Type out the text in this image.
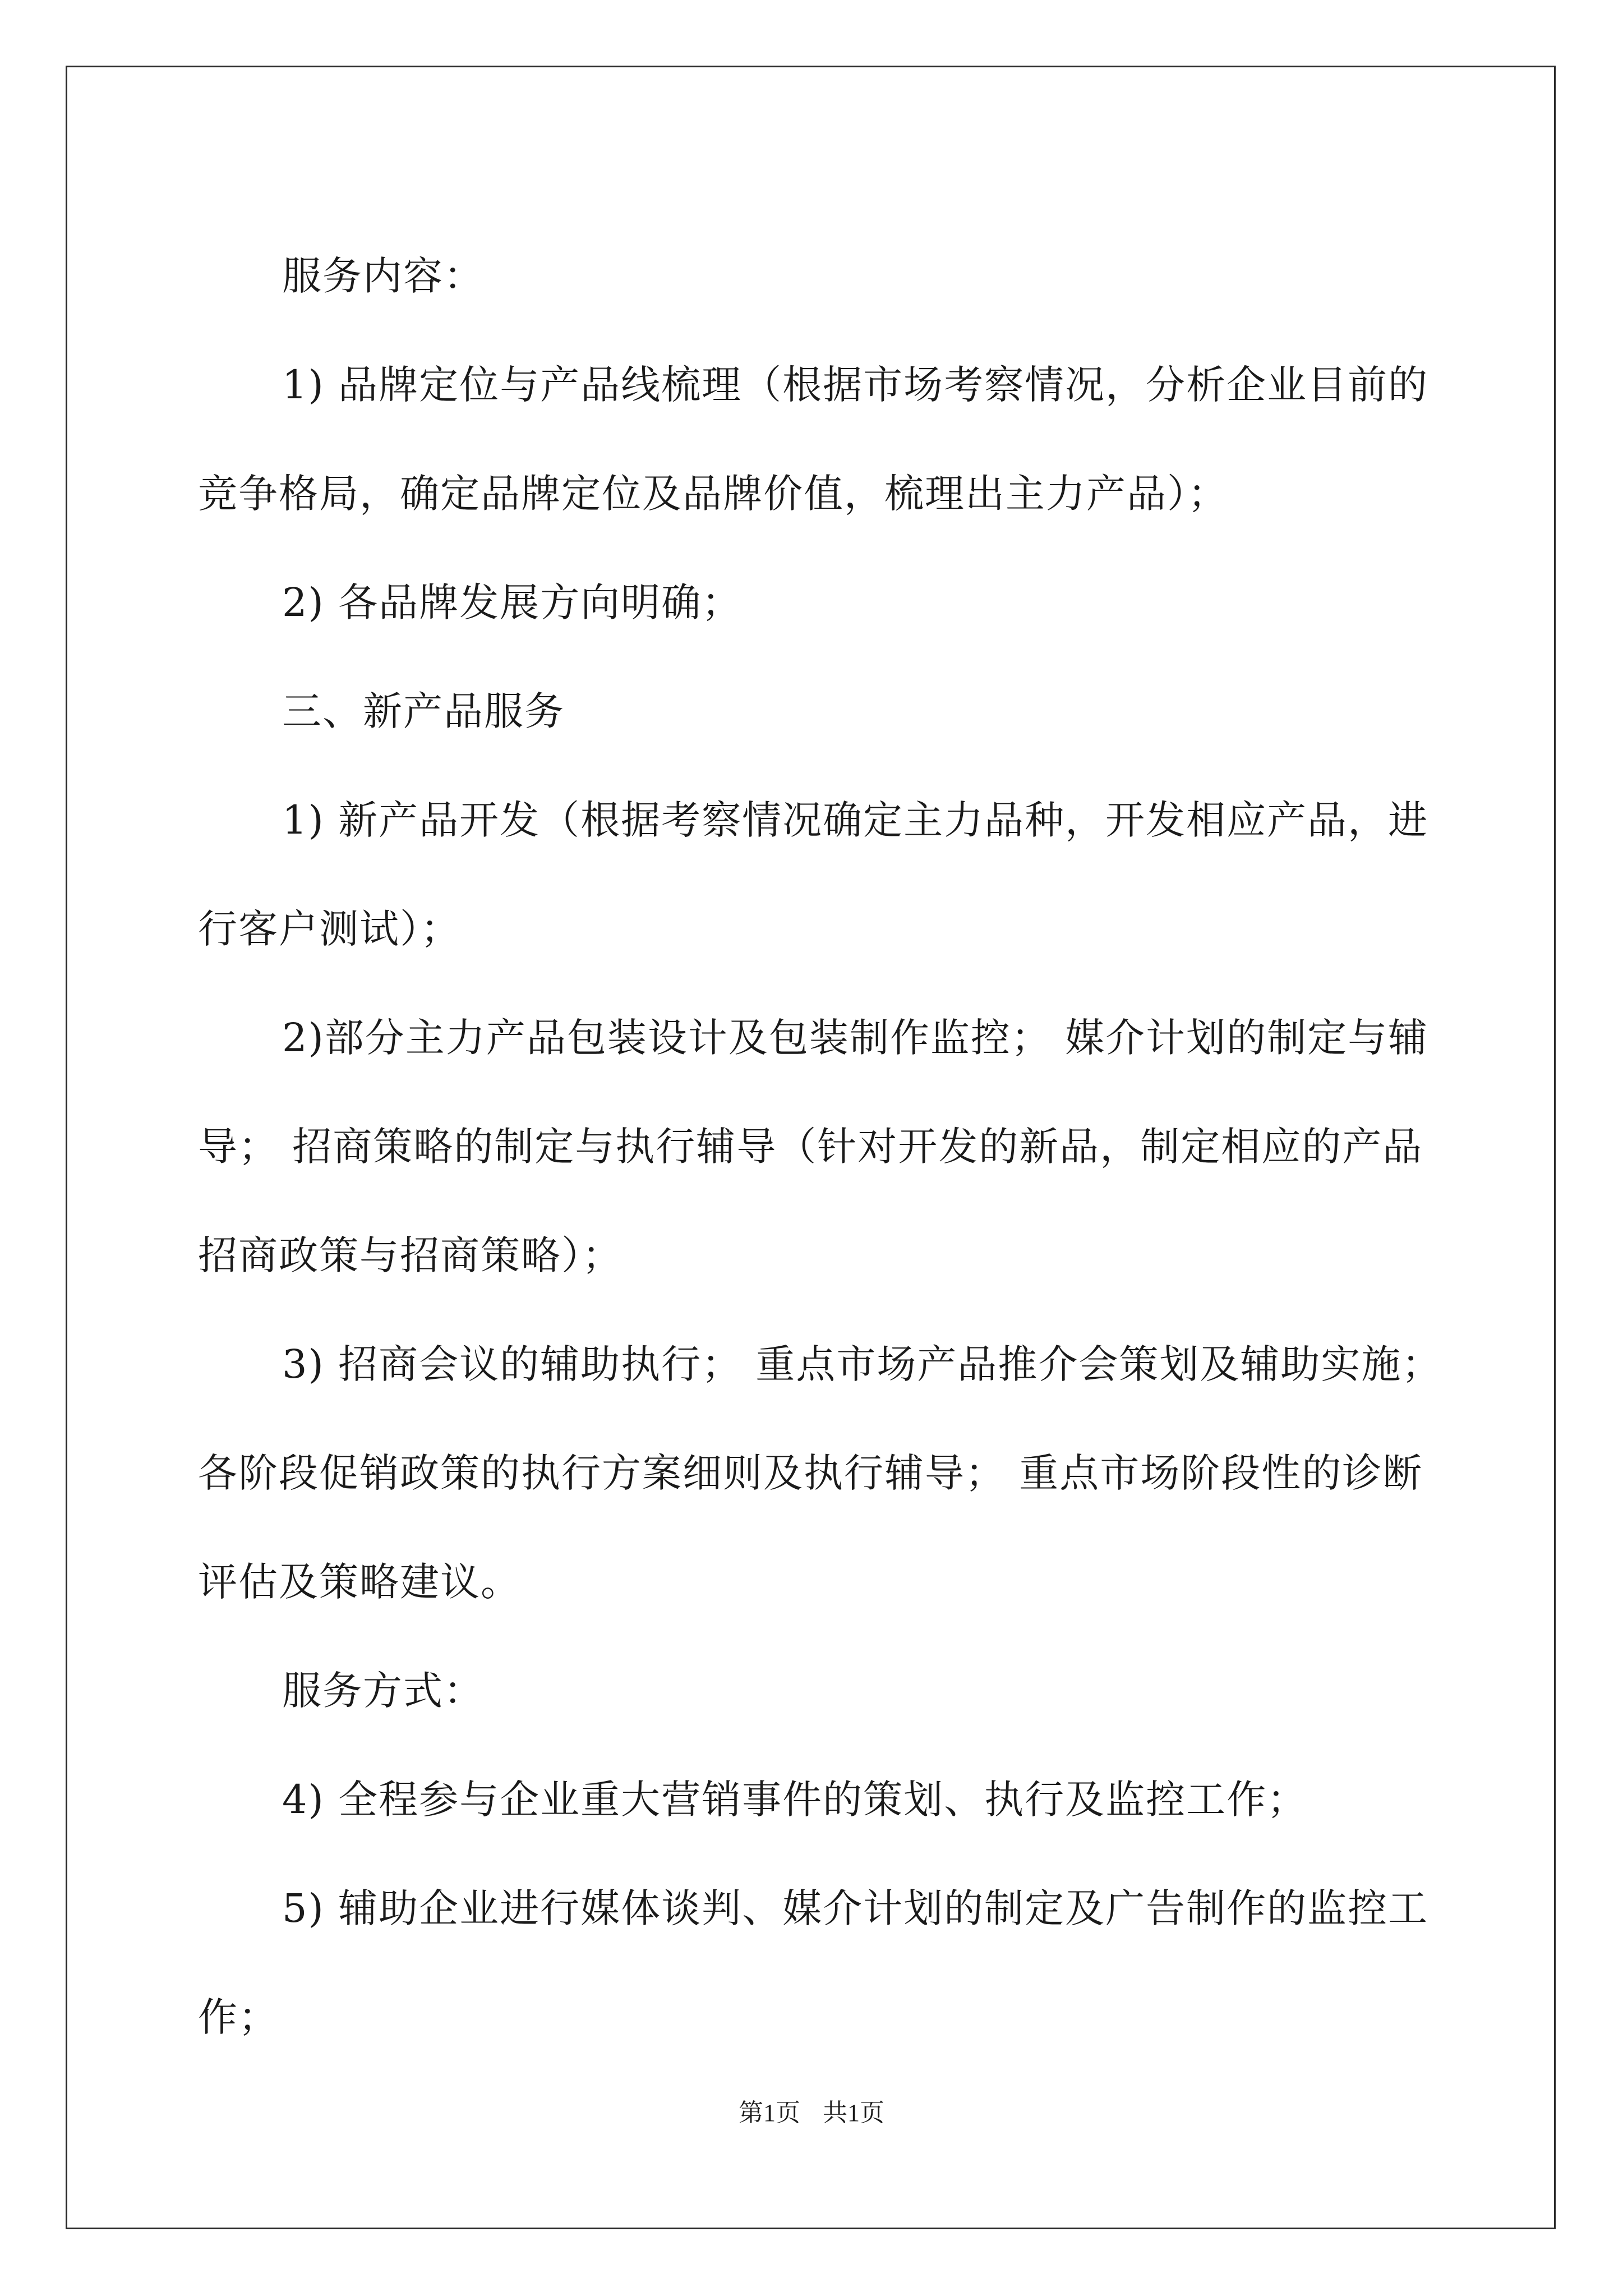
服务内容：

1) 品牌定位与产品线梳理（根据市场考察情况，分析企业目前的竞争格局，确定品牌定位及品牌价值，梳理出主力产品）；

2) 各品牌发展方向明确；

三、新产品服务

1) 新产品开发（根据考察情况确定主力品种，开发相应产品，进行客户测试）；

2)部分主力产品包装设计及包装制作监控； 媒介计划的制定与辅导； 招商策略的制定与执行辅导（针对开发的新品，制定相应的产品招商政策与招商策略）；

3) 招商会议的辅助执行； 重点市场产品推介会策划及辅助实施；各阶段促销政策的执行方案细则及执行辅导； 重点市场阶段性的诊断评估及策略建议。

服务方式：

4) 全程参与企业重大营销事件的策划、执行及监控工作；

5) 辅助企业进行媒体谈判、媒介计划的制定及广告制作的监控工作；

第1页 共1页
